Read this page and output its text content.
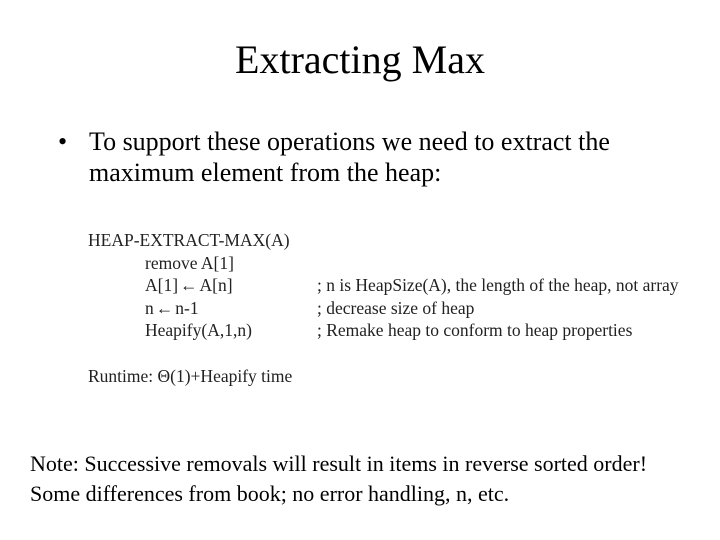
Extracting Max
• To support these operations we need to extract the maximum element from the heap:
HEAP-EXTRACT-MAX(A)
remove A[1]
A[1] ← A[n]	; n is HeapSize(A), the length of the heap, not array
n ← n-1	; decrease size of heap
Heapify(A,1,n)	; Remake heap to conform to heap properties
Runtime: Θ(1)+Heapify time
Note: Successive removals will result in items in reverse sorted order!
Some differences from book; no error handling, n, etc.
